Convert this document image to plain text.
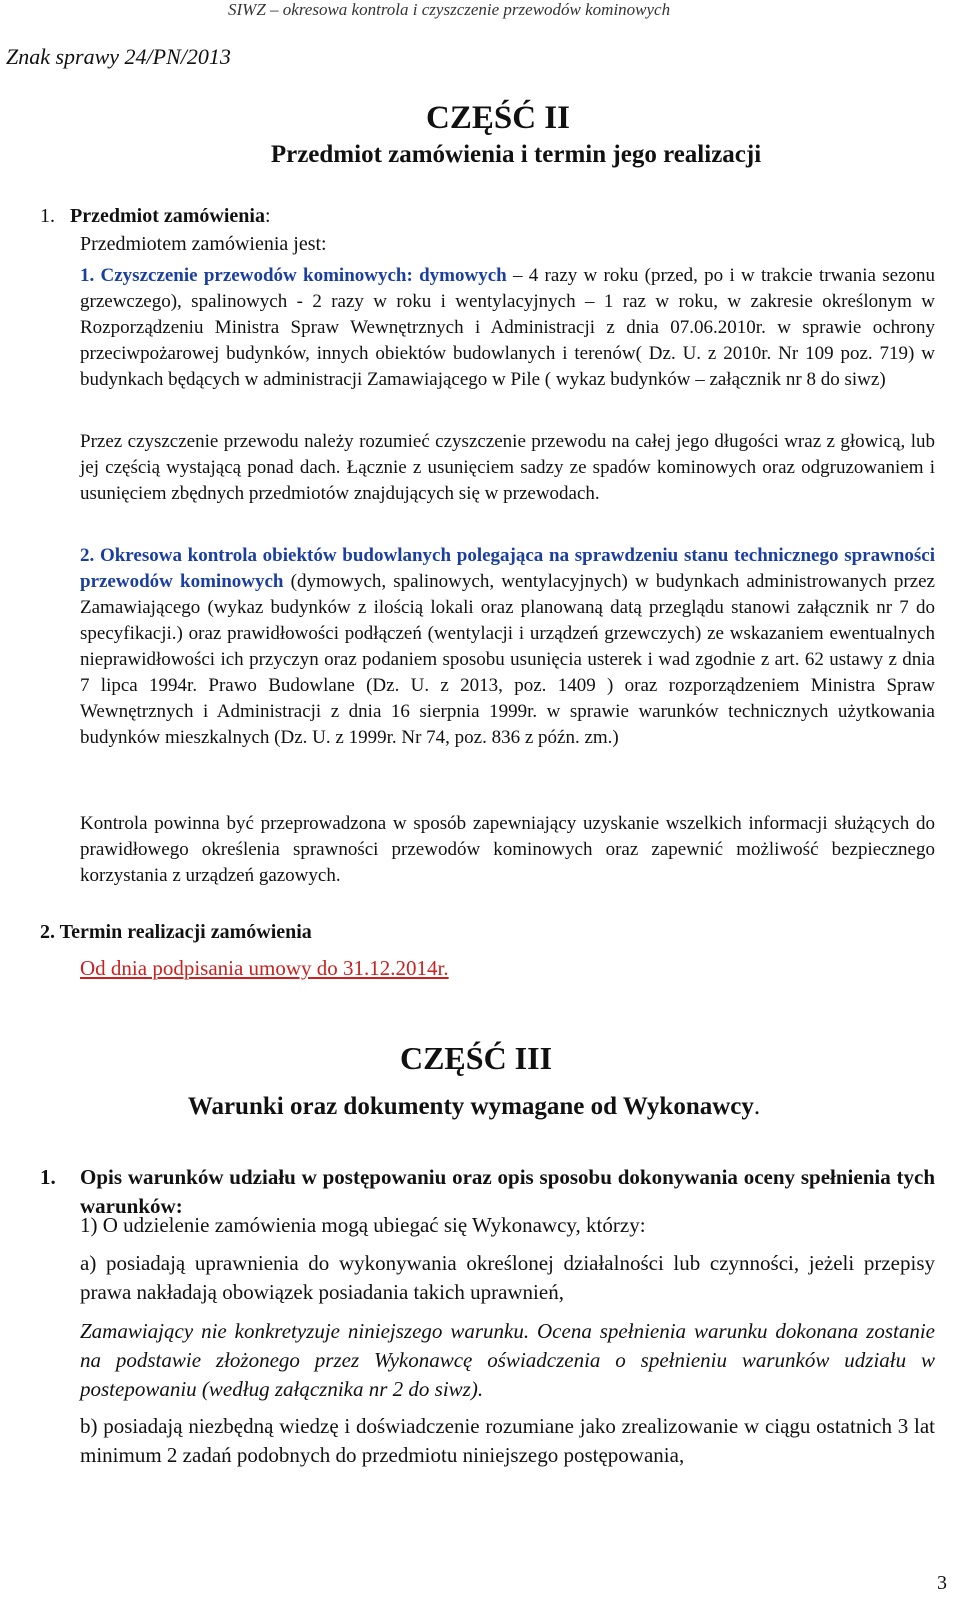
SIWZ – okresowa kontrola i czyszczenie przewodów kominowych
Znak sprawy 24/PN/2013
CZĘŚĆ II
Przedmiot zamówienia i termin jego realizacji
1. Przedmiot zamówienia:
Przedmiotem zamówienia jest:
1. Czyszczenie przewodów kominowych: dymowych – 4 razy w roku (przed, po i w trakcie trwania sezonu grzewczego), spalinowych - 2 razy w roku i wentylacyjnych – 1 raz w roku, w zakresie określonym w Rozporządzeniu Ministra Spraw Wewnętrznych i Administracji z dnia 07.06.2010r. w sprawie ochrony przeciwpożarowej budynków, innych obiektów budowlanych i terenów( Dz. U. z 2010r. Nr 109 poz. 719) w budynkach będących w administracji Zamawiającego w Pile ( wykaz budynków – załącznik nr 8 do siwz)
Przez czyszczenie przewodu należy rozumieć czyszczenie przewodu na całej jego długości wraz z głowicą, lub jej częścią wystającą ponad dach. Łącznie z usunięciem sadzy ze spadów kominowych oraz odgruzowaniem i usunięciem zbędnych przedmiotów znajdujących się w przewodach.
2. Okresowa kontrola obiektów budowlanych polegająca na sprawdzeniu stanu technicznego sprawności przewodów kominowych (dymowych, spalinowych, wentylacyjnych) w budynkach administrowanych przez Zamawiającego (wykaz budynków z ilością lokali oraz planowaną datą przeglądu stanowi załącznik nr 7 do specyfikacji.) oraz prawidłowości podłączeń (wentylacji i urządzeń grzewczych) ze wskazaniem ewentualnych nieprawidłowości ich przyczyn oraz podaniem sposobu usunięcia usterek i wad zgodnie z art. 62 ustawy z dnia 7 lipca 1994r. Prawo Budowlane (Dz. U. z 2013, poz. 1409 ) oraz rozporządzeniem Ministra Spraw Wewnętrznych i Administracji z dnia 16 sierpnia 1999r. w sprawie warunków technicznych użytkowania budynków mieszkalnych (Dz. U. z 1999r. Nr 74, poz. 836 z późn. zm.)
Kontrola powinna być przeprowadzona w sposób zapewniający uzyskanie wszelkich informacji służących do prawidłowego określenia sprawności przewodów kominowych oraz zapewnić możliwość bezpiecznego korzystania z urządzeń gazowych.
2. Termin realizacji zamówienia
Od dnia podpisania umowy do 31.12.2014r.
CZĘŚĆ III
Warunki oraz dokumenty wymagane od Wykonawcy.
1. Opis warunków udziału w postępowaniu oraz opis sposobu dokonywania oceny spełnienia tych warunków:
1) O udzielenie zamówienia mogą ubiegać się Wykonawcy, którzy:
a) posiadają uprawnienia do wykonywania określonej działalności lub czynności, jeżeli przepisy prawa nakładają obowiązek posiadania takich uprawnień,
Zamawiający nie konkretyzuje niniejszego warunku. Ocena spełnienia warunku dokonana zostanie na podstawie złożonego przez Wykonawcę oświadczenia o spełnieniu warunków udziału w postepowaniu (według załącznika nr 2 do siwz).
b) posiadają niezbędną wiedzę i doświadczenie rozumiane jako zrealizowanie w ciągu ostatnich 3 lat minimum 2 zadań podobnych do przedmiotu niniejszego postępowania,
3
